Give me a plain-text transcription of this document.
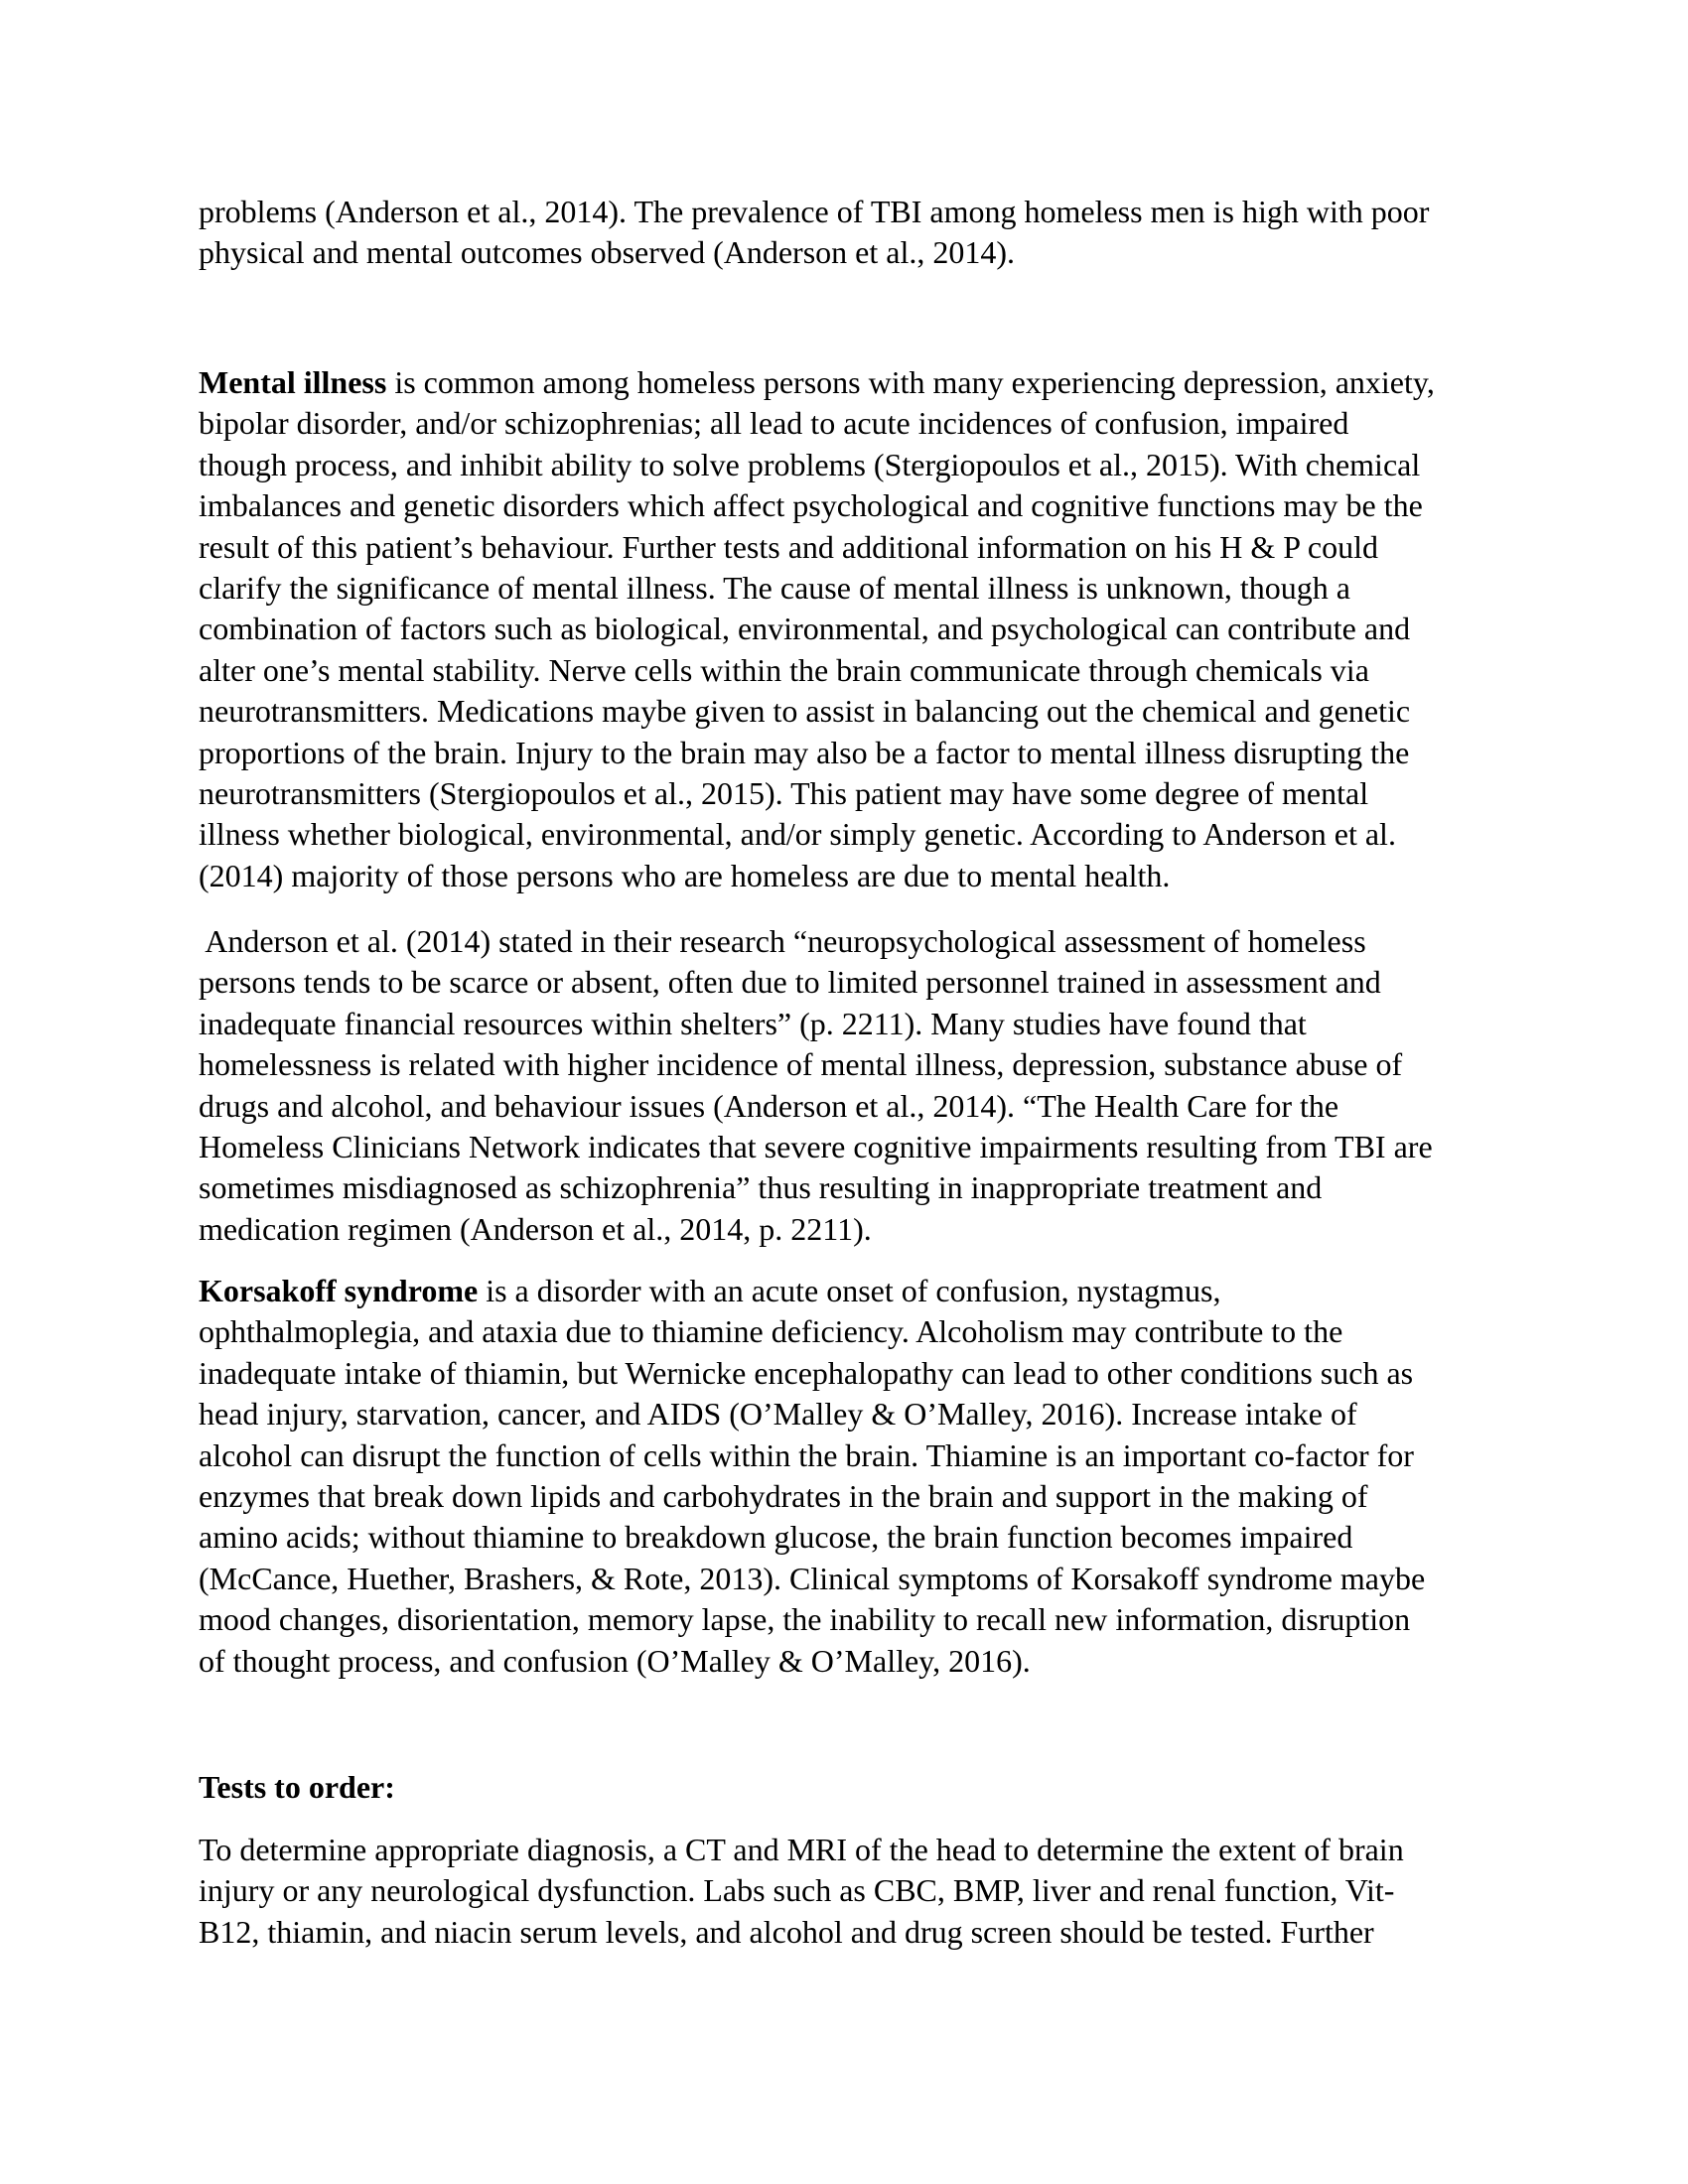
problems (Anderson et al., 2014). The prevalence of TBI among homeless men is high with poor
physical and mental outcomes observed (Anderson et al., 2014).
Mental illness is common among homeless persons with many experiencing depression, anxiety,
bipolar disorder, and/or schizophrenias; all lead to acute incidences of confusion, impaired
though process, and inhibit ability to solve problems (Stergiopoulos et al., 2015). With chemical
imbalances and genetic disorders which affect psychological and cognitive functions may be the
result of this patient’s behaviour. Further tests and additional information on his H & P could
clarify the significance of mental illness. The cause of mental illness is unknown, though a
combination of factors such as biological, environmental, and psychological can contribute and
alter one’s mental stability. Nerve cells within the brain communicate through chemicals via
neurotransmitters. Medications maybe given to assist in balancing out the chemical and genetic
proportions of the brain. Injury to the brain may also be a factor to mental illness disrupting the
neurotransmitters (Stergiopoulos et al., 2015). This patient may have some degree of mental
illness whether biological, environmental, and/or simply genetic. According to Anderson et al.
(2014) majority of those persons who are homeless are due to mental health.
Anderson et al. (2014) stated in their research “neuropsychological assessment of homeless
persons tends to be scarce or absent, often due to limited personnel trained in assessment and
inadequate financial resources within shelters” (p. 2211). Many studies have found that
homelessness is related with higher incidence of mental illness, depression, substance abuse of
drugs and alcohol, and behaviour issues (Anderson et al., 2014). “The Health Care for the
Homeless Clinicians Network indicates that severe cognitive impairments resulting from TBI are
sometimes misdiagnosed as schizophrenia” thus resulting in inappropriate treatment and
medication regimen (Anderson et al., 2014, p. 2211).
Korsakoff syndrome is a disorder with an acute onset of confusion, nystagmus,
ophthalmoplegia, and ataxia due to thiamine deficiency. Alcoholism may contribute to the
inadequate intake of thiamin, but Wernicke encephalopathy can lead to other conditions such as
head injury, starvation, cancer, and AIDS (O’Malley & O’Malley, 2016). Increase intake of
alcohol can disrupt the function of cells within the brain. Thiamine is an important co-factor for
enzymes that break down lipids and carbohydrates in the brain and support in the making of
amino acids; without thiamine to breakdown glucose, the brain function becomes impaired
(McCance, Huether, Brashers, & Rote, 2013). Clinical symptoms of Korsakoff syndrome maybe
mood changes, disorientation, memory lapse, the inability to recall new information, disruption
of thought process, and confusion (O’Malley & O’Malley, 2016).
Tests to order:
To determine appropriate diagnosis, a CT and MRI of the head to determine the extent of brain
injury or any neurological dysfunction. Labs such as CBC, BMP, liver and renal function, Vit-
B12, thiamin, and niacin serum levels, and alcohol and drug screen should be tested. Further
